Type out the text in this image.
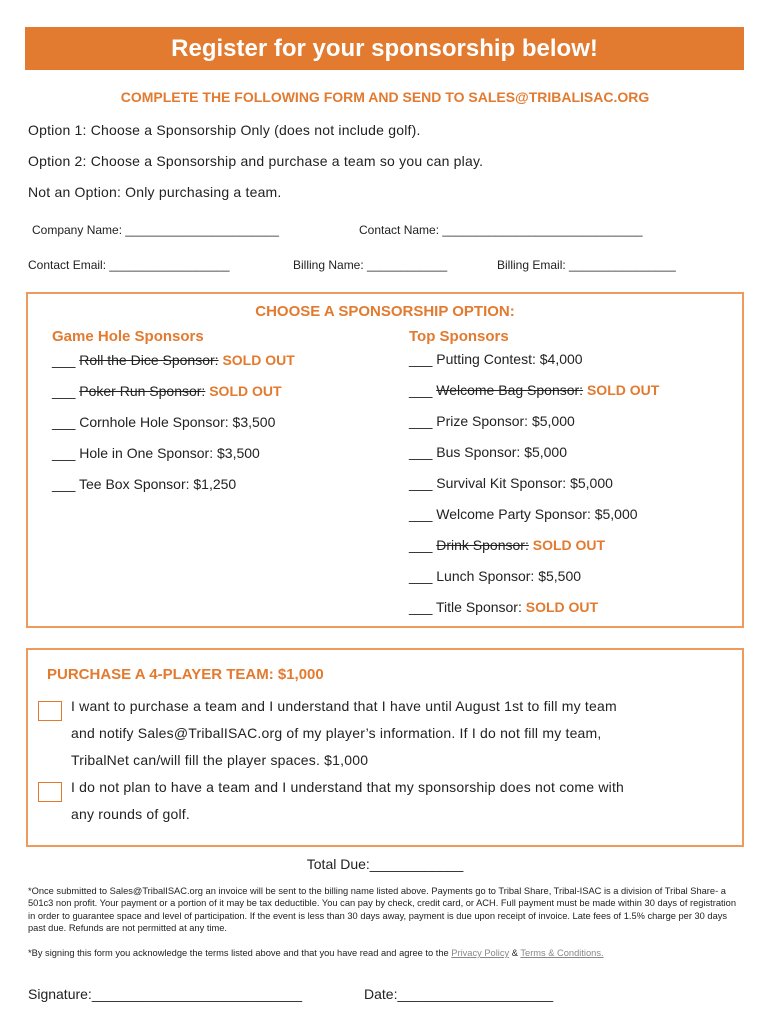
Register for your sponsorship below!
COMPLETE THE FOLLOWING FORM AND SEND TO SALES@TRIBALISAC.ORG
Option 1: Choose a Sponsorship Only (does not include golf).
Option 2: Choose a Sponsorship and purchase a team so you can play.
Not an Option: Only purchasing a team.
Company Name: _______________________	Contact Name: ______________________________
Contact Email: __________________	Billing Name: ____________	Billing Email: ________________
CHOOSE A SPONSORSHIP OPTION:
Game Hole Sponsors	Top Sponsors
___ Roll the Dice Sponsor: SOLD OUT
___ Poker Run Sponsor: SOLD OUT
___ Cornhole Hole Sponsor: $3,500
___ Hole in One Sponsor: $3,500
___ Tee Box Sponsor: $1,250
___ Putting Contest: $4,000
___ Welcome Bag Sponsor: SOLD OUT
___ Prize Sponsor: $5,000
___ Bus Sponsor: $5,000
___ Survival Kit Sponsor: $5,000
___ Welcome Party Sponsor: $5,000
___ Drink Sponsor: SOLD OUT
___ Lunch Sponsor: $5,500
___ Title Sponsor: SOLD OUT
PURCHASE A 4-PLAYER TEAM: $1,000
I want to purchase a team and I understand that I have until August 1st to fill my team
and notify Sales@TribalISAC.org of my player’s information. If I do not fill my team,
TribalNet can/will fill the player spaces. $1,000
I do not plan to have a team and I understand that my sponsorship does not come with
any rounds of golf.
Total Due:____________
*Once submitted to Sales@TribalISAC.org an invoice will be sent to the billing name listed above. Payments go to Tribal Share, Tribal-ISAC is a division of Tribal Share- a 501c3 non profit. Your payment or a portion of it may be tax deductible. You can pay by check, credit card, or ACH. Full payment must be made within 30 days of registration in order to guarantee space and level of participation. If the event is less than 30 days away, payment is due upon receipt of invoice. Late fees of 1.5% charge per 30 days past due. Refunds are not permitted at any time.
*By signing this form you acknowledge the terms listed above and that you have read and agree to the Privacy Policy & Terms & Conditions.
Signature:___________________________	Date:____________________
